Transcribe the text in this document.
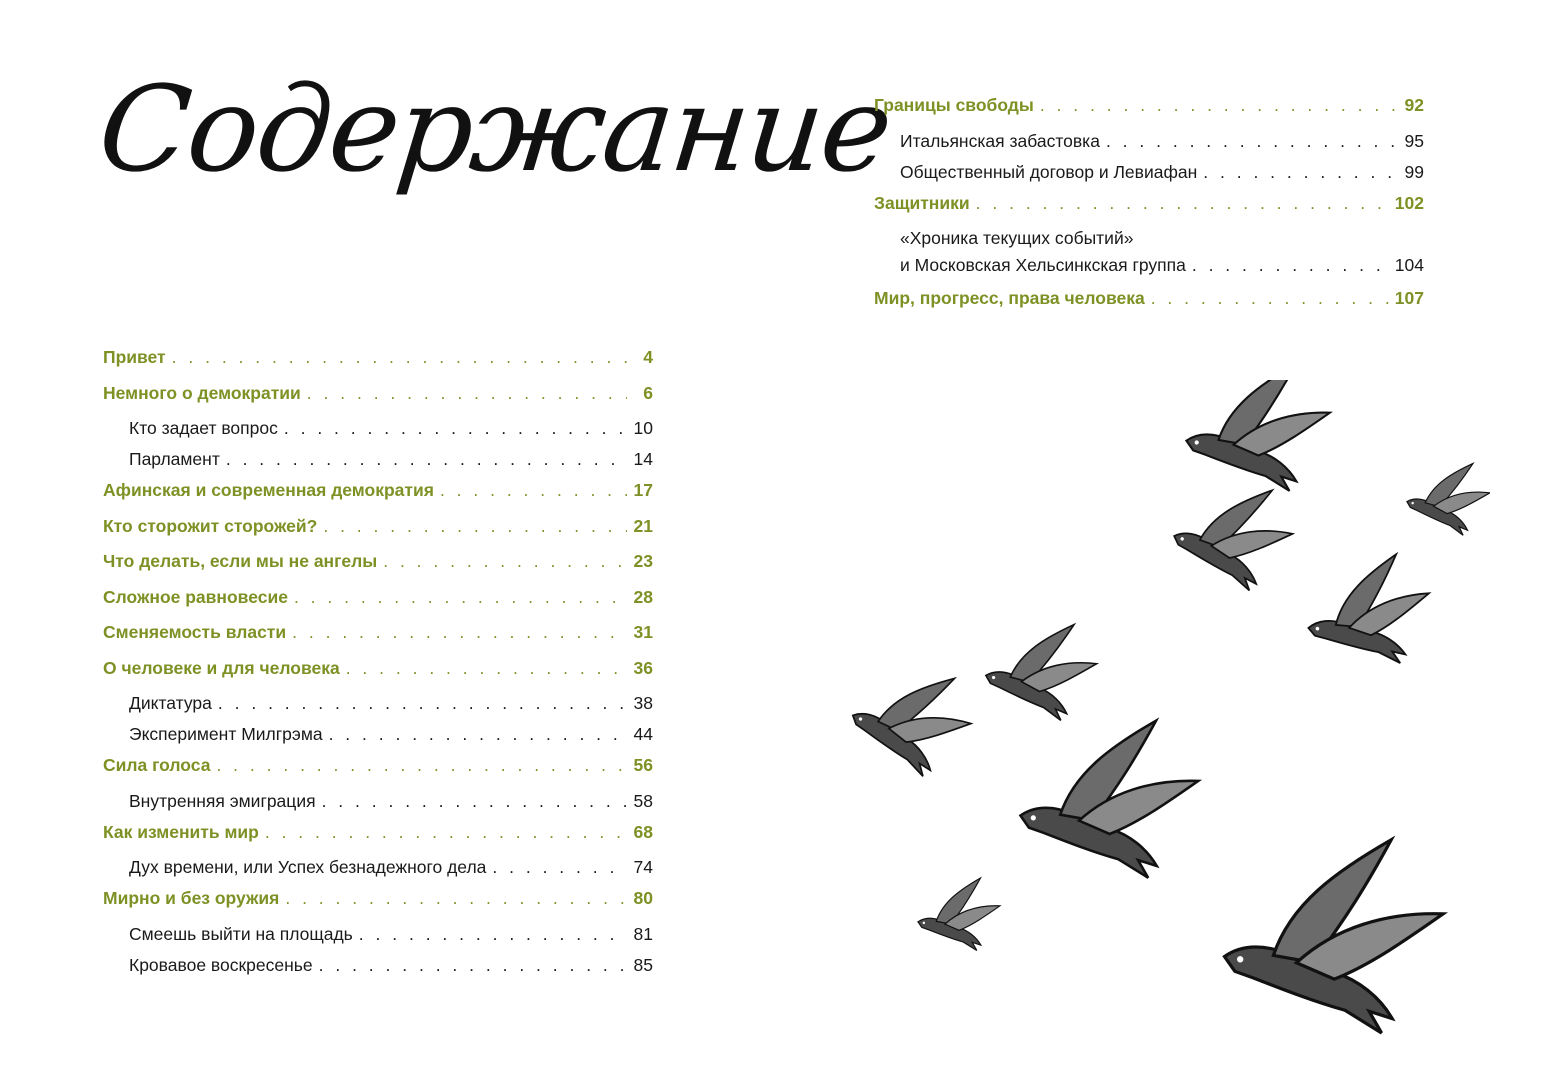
Содержание
Привет . . .	4
Немного о демократии . . .	6
Кто задает вопрос . . .	10
Парламент . . .	14
Афинская и современная демократия . . .	17
Кто сторожит сторожей? . . .	21
Что делать, если мы не ангелы . . .	23
Сложное равновесие . . .	28
Сменяемость власти . . .	31
О человеке и для человека . . .	36
Диктатура . . .	38
Эксперимент Милгрэма . . .	44
Сила голоса . . .	56
Внутренняя эмиграция . . .	58
Как изменить мир . . .	68
Дух времени, или Успех безнадежного дела . . .	74
Мирно и без оружия . . .	80
Смеешь выйти на площадь . . .	81
Кровавое воскресенье . . .	85
Границы свободы . . .	92
Итальянская забастовка . . .	95
Общественный договор и Левиафан . . .	99
Защитники . . .	102
«Хроника текущих событий»
и Московская Хельсинкская группа . . .	104
Мир, прогресс, права человека . . .	107
